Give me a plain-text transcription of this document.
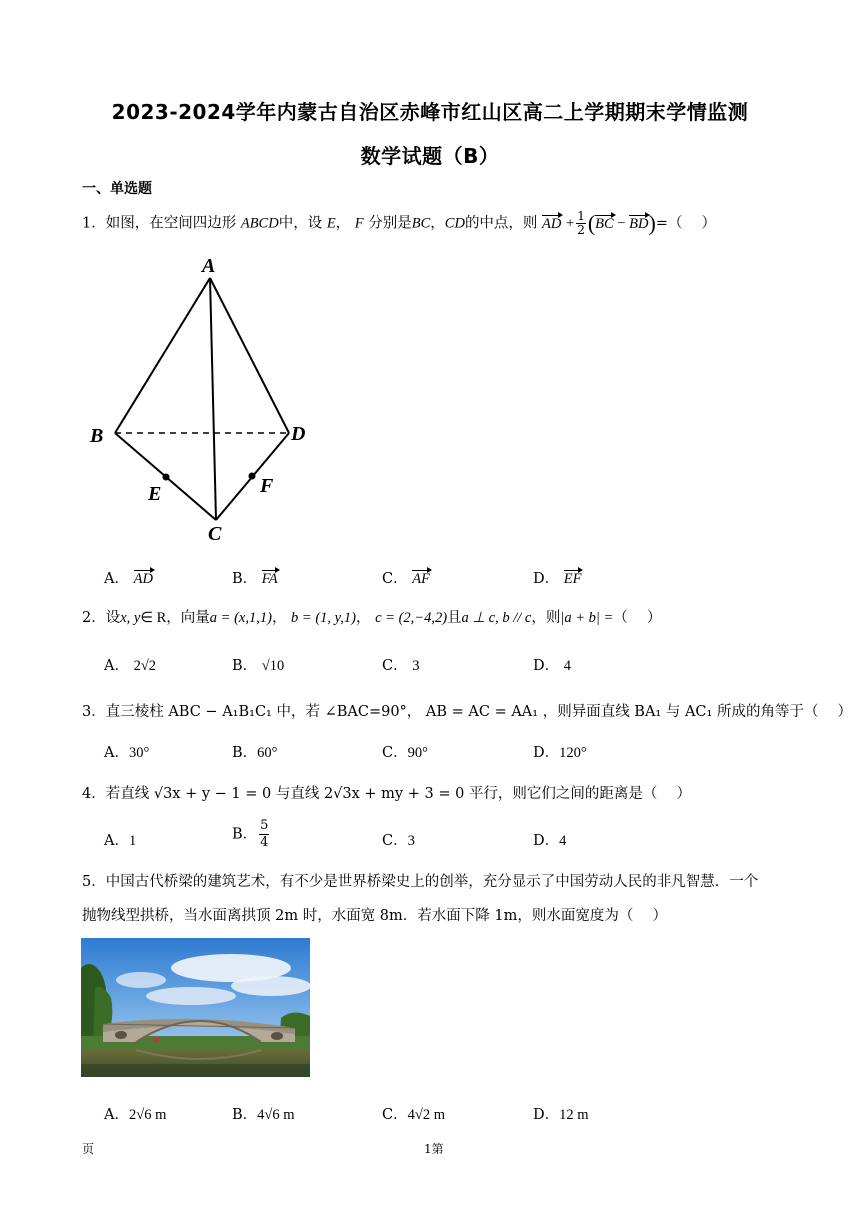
2023-2024学年内蒙古自治区赤峰市红山区高二上学期期末学情监测
数学试题（B）
一、单选题
1．如图，在空间四边形 ABCD中，设 E， F 分别是BC，CD的中点，则 AD + $\frac{1}{2} (BC - BD)=$（　 ）
A
B	D
E	F
C
A． AD	B． FA	C． AF	D． EF
2．设x, y∈ R，向量a = (x,1,1)， b = (1, y,1)， c = (2,−4,2)且a ⊥ c, b // c，则|a + b| =（　 ）
A． 2√2	B． √10	C． 3	D． 4
3．直三棱柱 ABC − A₁B₁C₁ 中，若 ∠BAC=90°， AB = AC = AA₁ ，则异面直线 BA₁ 与 AC₁ 所成的角等于（　 ）
A．30°	B．60°	C．90°	D．120°
4．若直线 √3x + y − 1 = 0 与直线 2√3x + my + 3 = 0 平行，则它们之间的距离是（　 ）
A．1	B． $\frac{5}{4}$	C．3	D．4
5．中国古代桥梁的建筑艺术，有不少是世界桥梁史上的创举，充分显示了中国劳动人民的非凡智慧．一个
抛物线型拱桥，当水面离拱顶 2m 时，水面宽 8m．若水面下降 1m，则水面宽度为（　 ）
A．2√6 m	B．4√6 m	C．4√2 m	D．12 m
页	1第
